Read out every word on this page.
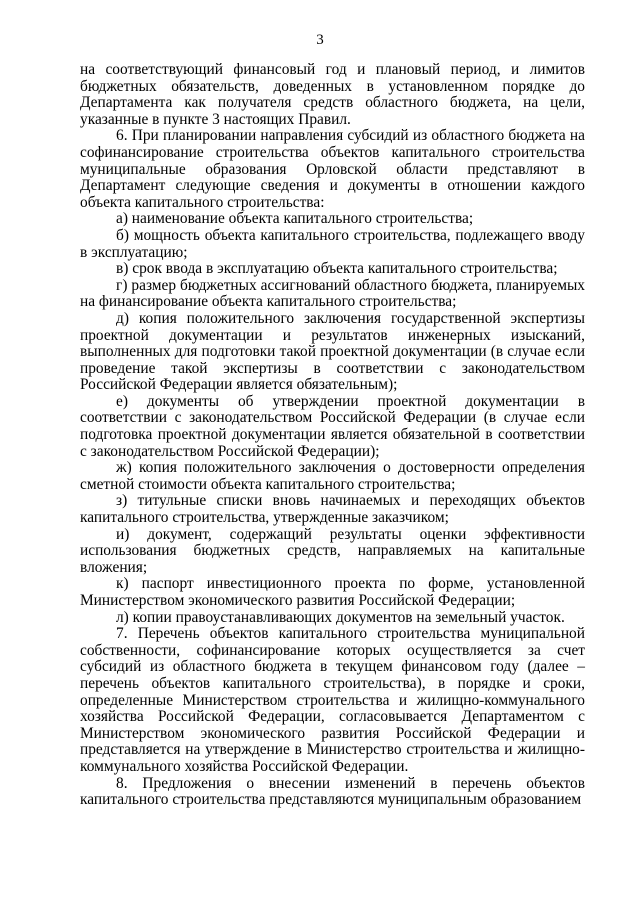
3

на соответствующий финансовый год и плановый период, и лимитов бюджетных обязательств, доведенных в установленном порядке до Департамента как получателя средств областного бюджета, на цели, указанные в пункте 3 настоящих Правил.

6. При планировании направления субсидий из областного бюджета на софинансирование строительства объектов капитального строительства муниципальные образования Орловской области представляют в Департамент следующие сведения и документы в отношении каждого объекта капитального строительства:

а) наименование объекта капитального строительства;

б) мощность объекта капитального строительства, подлежащего вводу в эксплуатацию;

в) срок ввода в эксплуатацию объекта капитального строительства;

г) размер бюджетных ассигнований областного бюджета, планируемых на финансирование объекта капитального строительства;

д) копия положительного заключения государственной экспертизы проектной документации и результатов инженерных изысканий, выполненных для подготовки такой проектной документации (в случае если проведение такой экспертизы в соответствии с законодательством Российской Федерации является обязательным);

е) документы об утверждении проектной документации в соответствии с законодательством Российской Федерации (в случае если подготовка проектной документации является обязательной в соответствии с законодательством Российской Федерации);

ж) копия положительного заключения о достоверности определения сметной стоимости объекта капитального строительства;

з) титульные списки вновь начинаемых и переходящих объектов капитального строительства, утвержденные заказчиком;

и) документ, содержащий результаты оценки эффективности использования бюджетных средств, направляемых на капитальные вложения;

к) паспорт инвестиционного проекта по форме, установленной Министерством экономического развития Российской Федерации;

л) копии правоустанавливающих документов на земельный участок.

7. Перечень объектов капитального строительства муниципальной собственности, софинансирование которых осуществляется за счет субсидий из областного бюджета в текущем финансовом году (далее – перечень объектов капитального строительства), в порядке и сроки, определенные Министерством строительства и жилищно-коммунального хозяйства Российской Федерации, согласовывается Департаментом с Министерством экономического развития Российской Федерации и представляется на утверждение в Министерство строительства и жилищно-коммунального хозяйства Российской Федерации.

8. Предложения о внесении изменений в перечень объектов капитального строительства представляются муниципальным образованием
